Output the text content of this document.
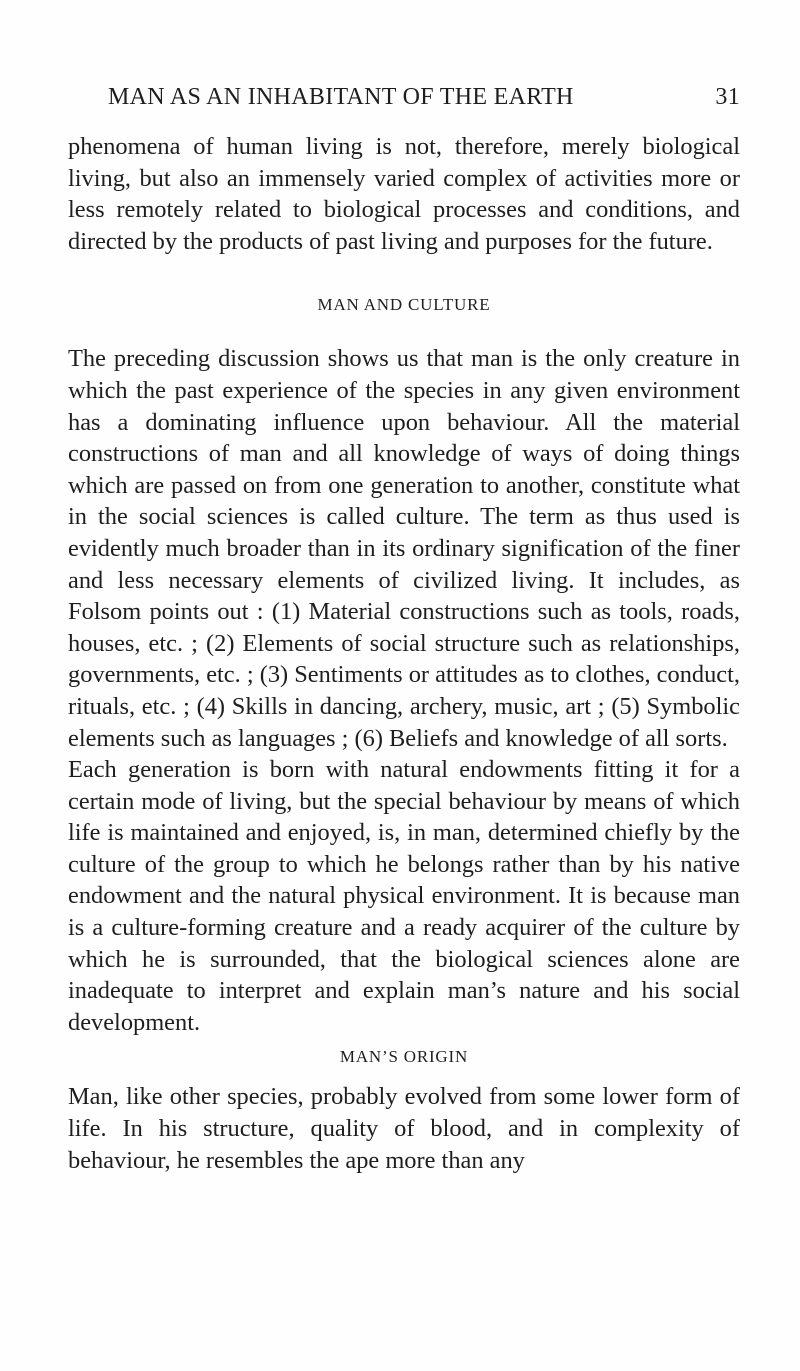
MAN AS AN INHABITANT OF THE EARTH	31

phenomena of human living is not, therefore, merely biological living, but also an immensely varied complex of activities more or less remotely related to biological processes and conditions, and directed by the products of past living and purposes for the future.

MAN AND CULTURE

The preceding discussion shows us that man is the only creature in which the past experience of the species in any given environment has a dominating influence upon behaviour. All the material constructions of man and all knowledge of ways of doing things which are passed on from one generation to another, constitute what in the social sciences is called culture. The term as thus used is evidently much broader than in its ordinary signification of the finer and less necessary elements of civilized living. It includes, as Folsom points out : (1) Material constructions such as tools, roads, houses, etc. ; (2) Elements of social structure such as relationships, governments, etc. ; (3) Sentiments or attitudes as to clothes, conduct, rituals, etc. ; (4) Skills in dancing, archery, music, art ; (5) Symbolic elements such as languages ; (6) Beliefs and knowledge of all sorts.

Each generation is born with natural endowments fitting it for a certain mode of living, but the special behaviour by means of which life is maintained and enjoyed, is, in man, determined chiefly by the culture of the group to which he belongs rather than by his native endowment and the natural physical environment. It is because man is a culture-forming creature and a ready acquirer of the culture by which he is surrounded, that the biological sciences alone are inadequate to interpret and explain man’s nature and his social development.

MAN’S ORIGIN

Man, like other species, probably evolved from some lower form of life. In his structure, quality of blood, and in complexity of behaviour, he resembles the ape more than any
